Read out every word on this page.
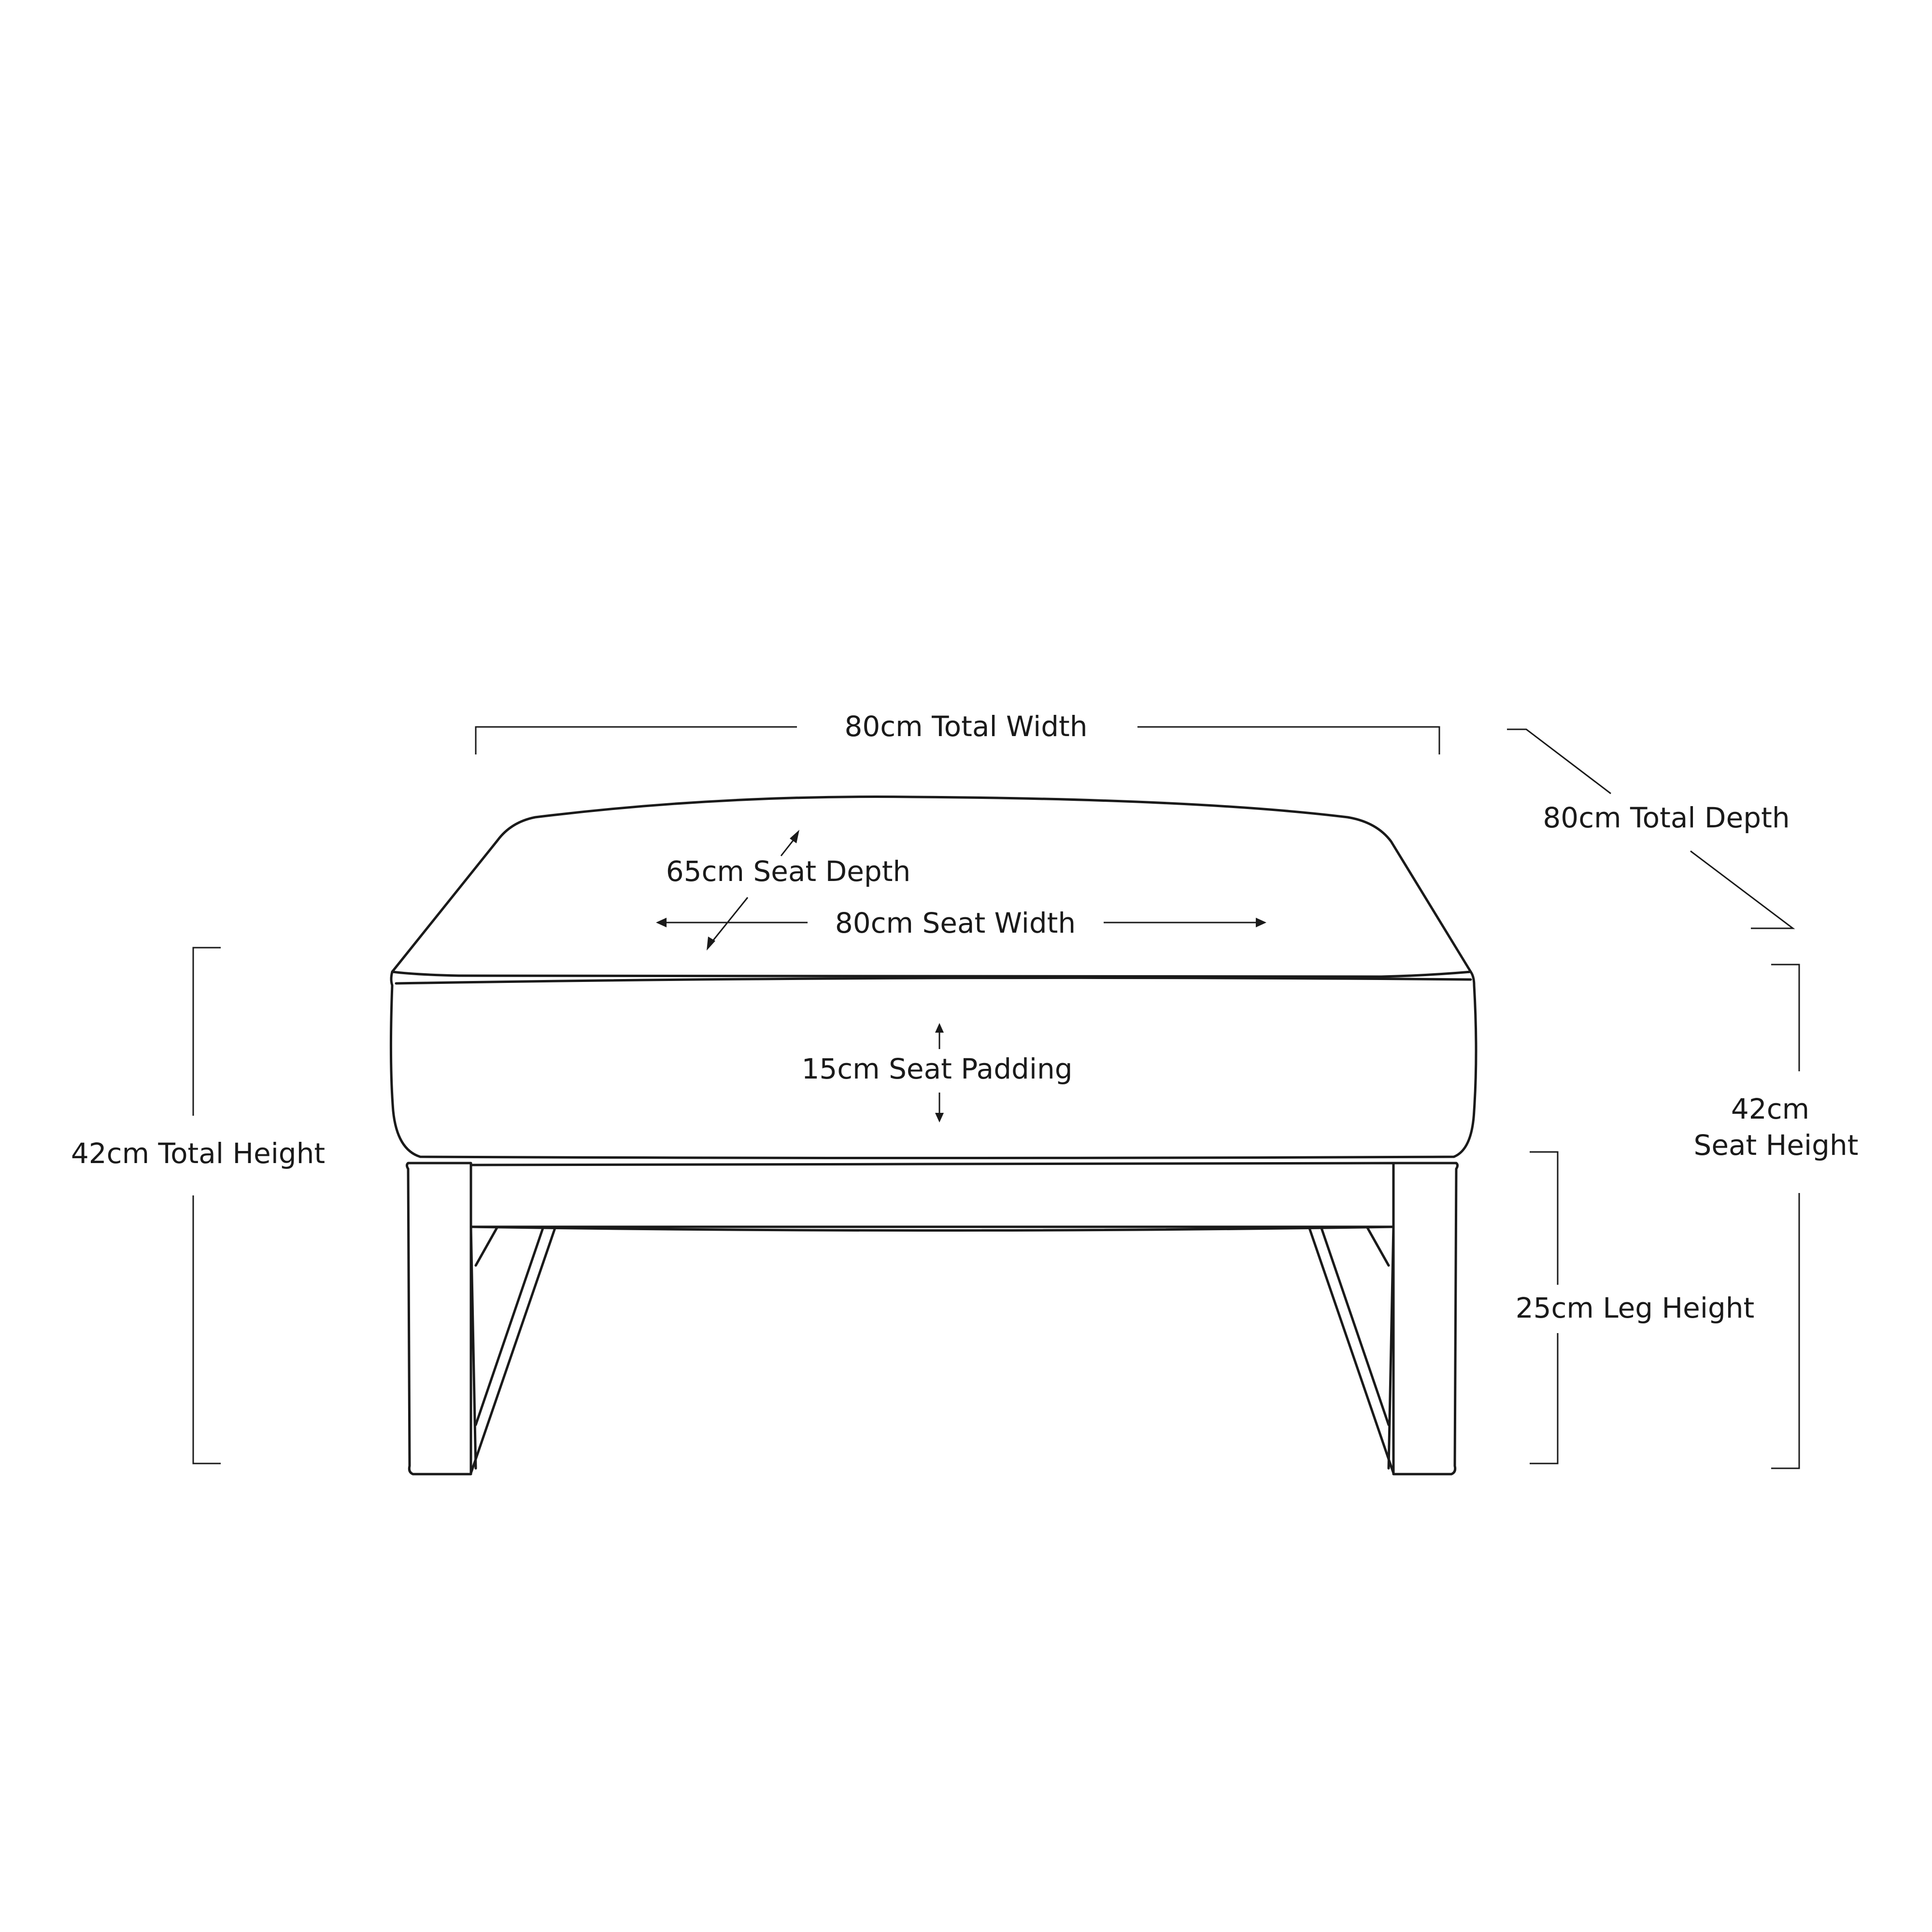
80cm Total Width
80cm Total Depth
65cm Seat Depth
80cm Seat Width
15cm Seat Padding
42cm Total Height
25cm Leg Height
42cm
Seat Height
